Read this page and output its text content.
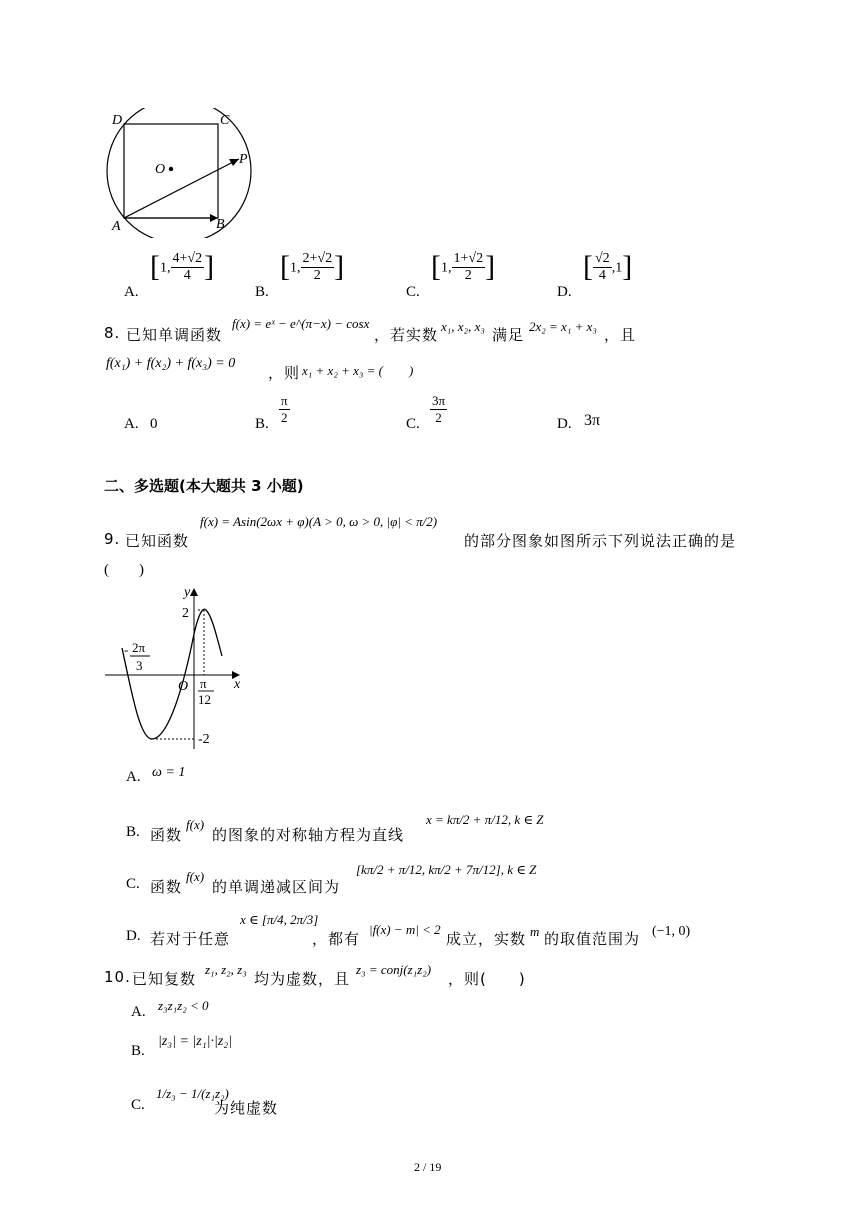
D	C
O
P
A	B
A.
[1, $\frac{4+√2}{4}$ ]
B.
[1, $\frac{2+√2}{2}$ ]
C.
[1, $\frac{1+√2}{2}$ ]
D.
[ $\frac{√2}{4} ,1$]
8. 已知单调函数
f(x) = eˣ − e^(π−x) − cosx
，若实数 x₁, x₂, x₃ 满足 2x₂ = x₁ + x₃ ，且
f(x₁) + f(x₂) + f(x₃) = 0
，则 x₁ + x₂ + x₃ = (　　)
A. 0	B. $\frac{\pi}{2}$	C. $\frac{3\pi}{2}$	D. 3π
二、多选题(本大题共 3 小题)
9. 已知函数
f(x) = Asin(2ωx + φ)(A > 0, ω > 0, |φ| < π/2)
的部分图象如图所示下列说法正确的是
(　　)
y
x
O
2
-2
- 2π
3
π
12
A. ω = 1
B. 函数
f(x)
的图象的对称轴方程为直线
x = kπ/2 + π/12, k ∈ Z
C. 函数
f(x)
的单调递减区间为
[kπ/2 + π/12, kπ/2 + 7π/12], k ∈ Z
D. 若对于任意
x ∈ [π/4, 2π/3]
，都有
|f(x) − m| < 2
成立，实数 m 的取值范围为 (−1, 0)
10. 已知复数
z₁, z₂, z₃
均为虚数，且
z₃ = conj(z₁z₂)
，则(　　)
A. z₃z₁z₂ < 0
B.
|z₃| = |z₁|·|z₂|
C.
1/z₃ − 1/(z₁z₂)
为纯虚数
2 / 19
